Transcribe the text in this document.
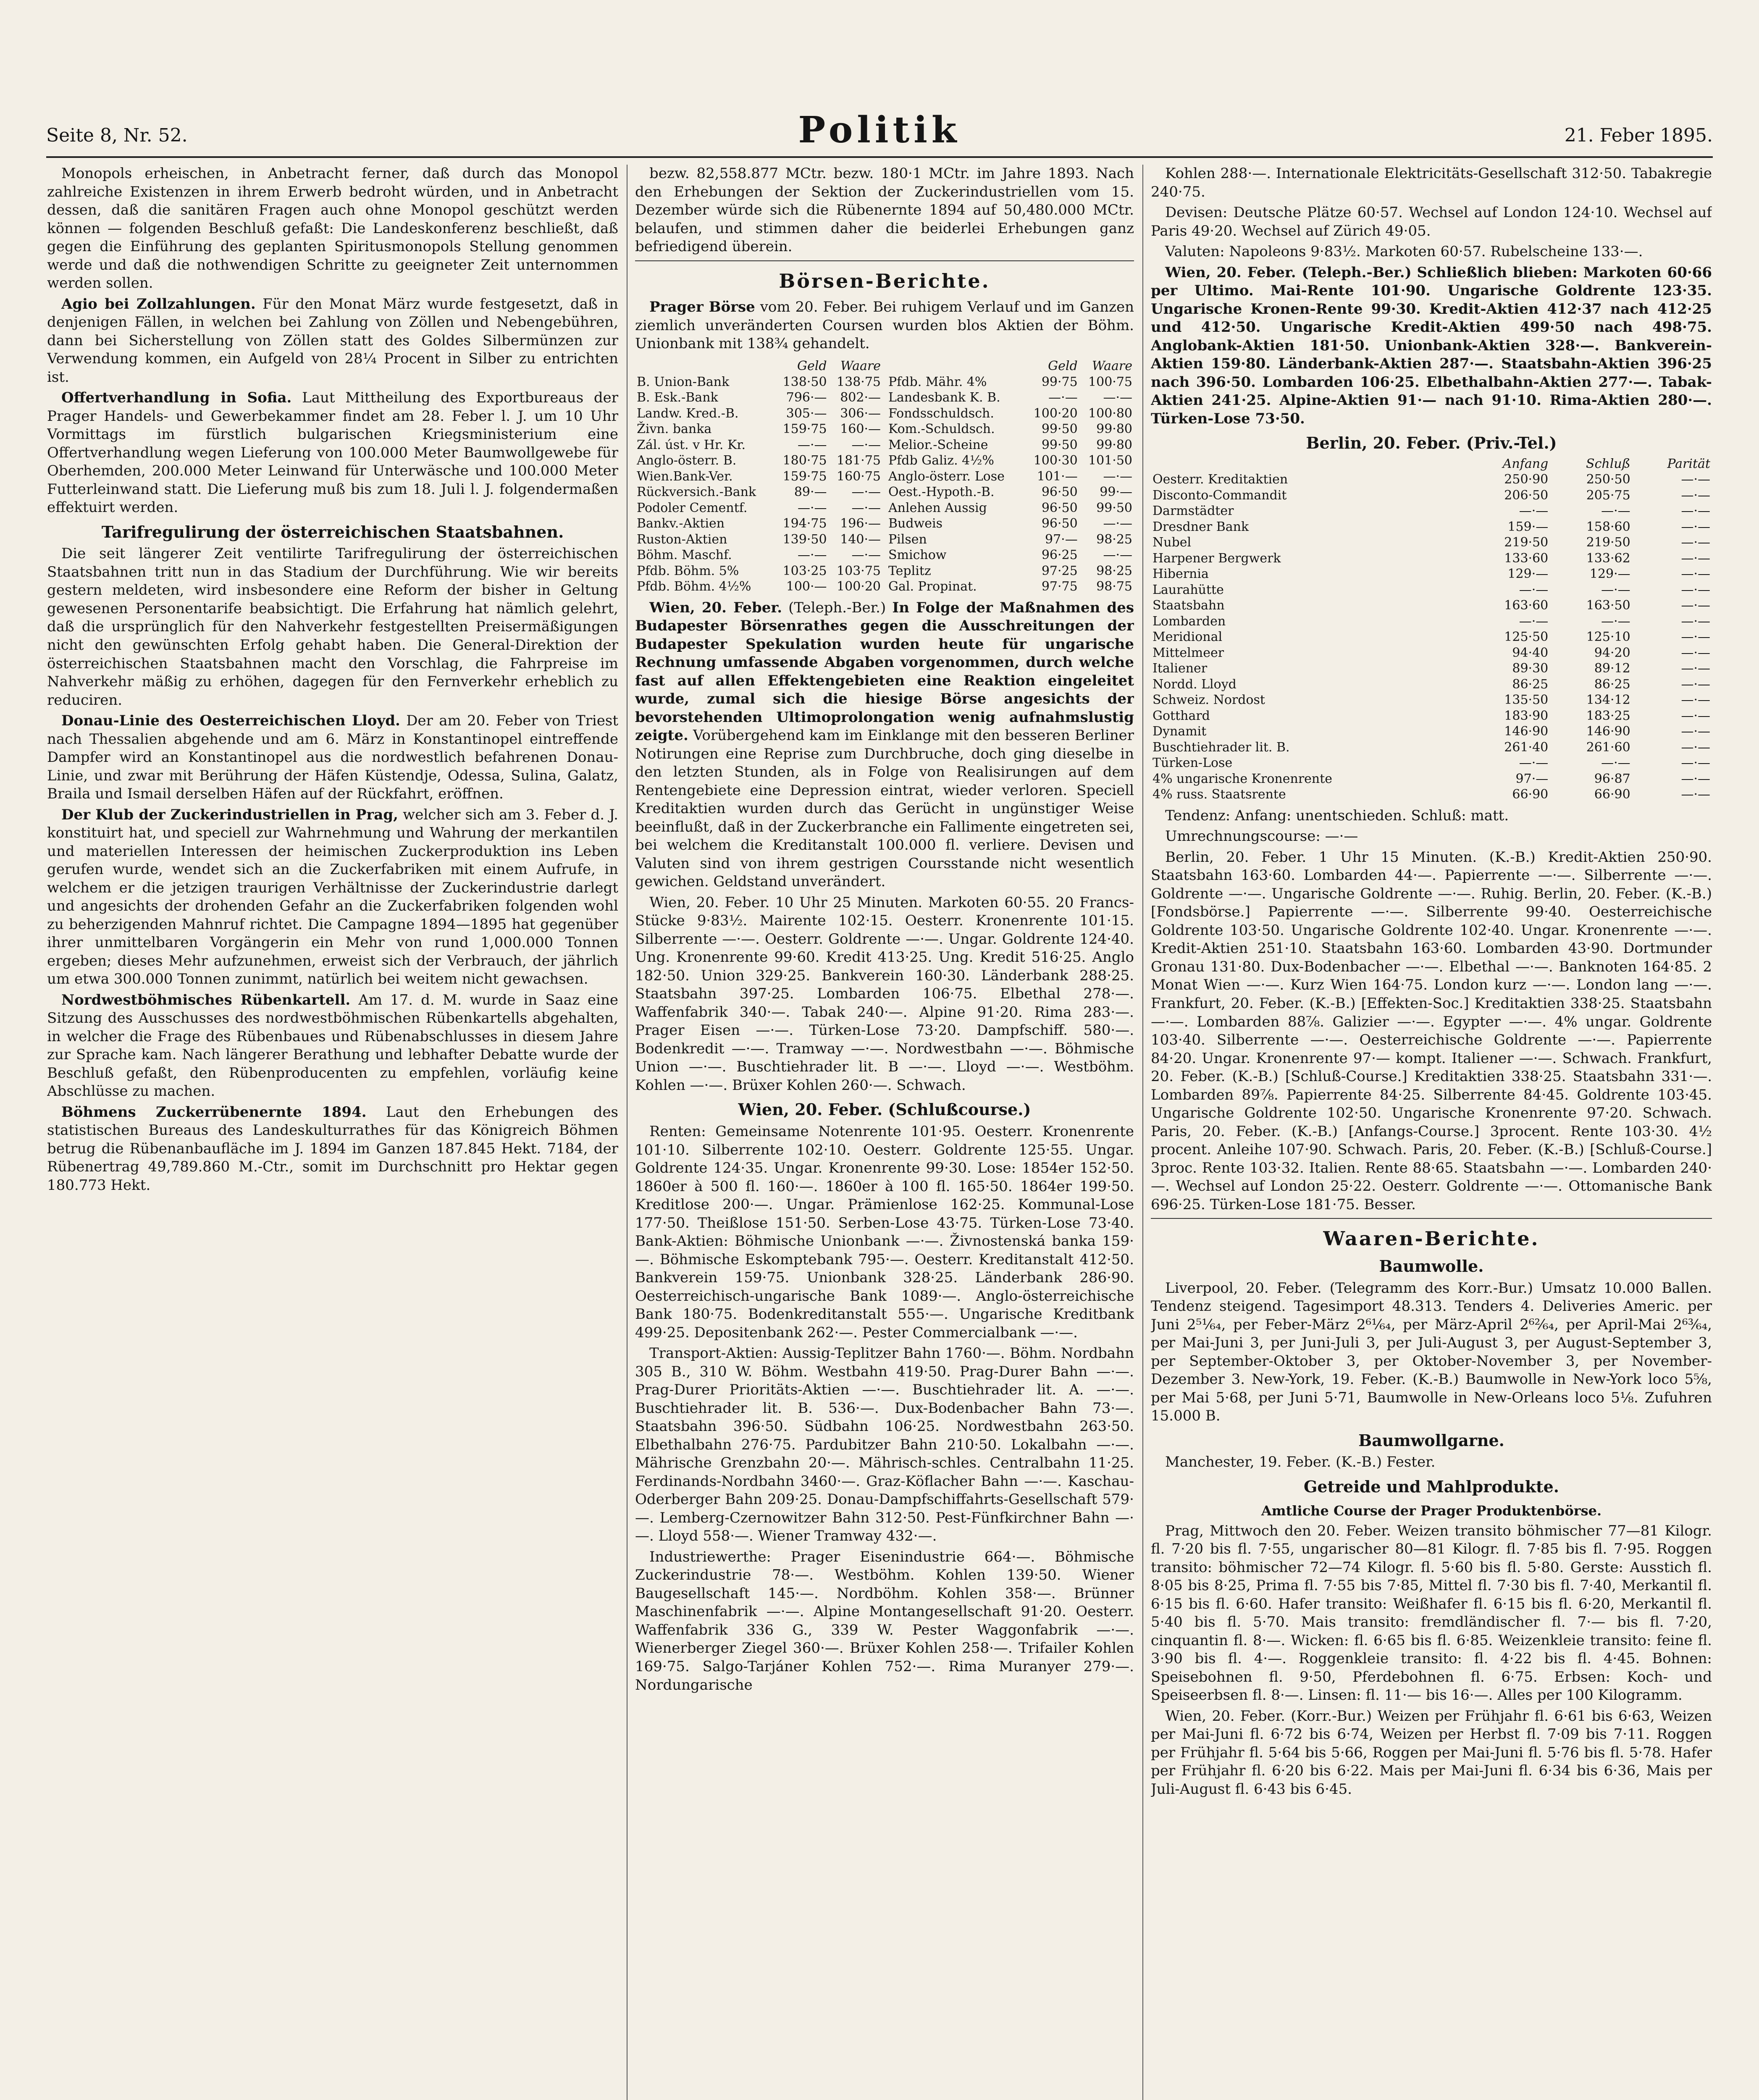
Seite 8, Nr. 52.	Politik	21. Feber 1895.

Monopols erheischen, in Anbetracht ferner, daß durch das Monopol zahlreiche Existenzen in ihrem Erwerb bedroht würden, und in Anbetracht dessen, daß die sanitären Fragen auch ohne Monopol geschützt werden können — folgenden Beschluß gefaßt: Die Landeskonferenz beschließt, daß gegen die Einführung des geplanten Spiritusmonopols Stellung genommen werde und daß die nothwendigen Schritte zu geeigneter Zeit unternommen werden sollen.

Agio bei Zollzahlungen. Für den Monat März wurde festgesetzt, daß in denjenigen Fällen, in welchen bei Zahlung von Zöllen und Nebengebühren, dann bei Sicherstellung von Zöllen statt des Goldes Silbermünzen zur Verwendung kommen, ein Aufgeld von 28¼ Procent in Silber zu entrichten ist.

Offertverhandlung in Sofia. Laut Mittheilung des Exportbureaus der Prager Handels- und Gewerbekammer findet am 28. Feber l. J. um 10 Uhr Vormittags im fürstlich bulgarischen Kriegsministerium eine Offertverhandlung wegen Lieferung von 100.000 Meter Baumwollgewebe für Oberhemden, 200.000 Meter Leinwand für Unterwäsche und 100.000 Meter Futterleinwand statt. Die Lieferung muß bis zum 18. Juli l. J. folgendermaßen effektuirt werden.

Tarifregulirung der österreichischen Staatsbahnen.

Die seit längerer Zeit ventilirte Tarifregulirung der österreichischen Staatsbahnen tritt nun in das Stadium der Durchführung. Wie wir bereits gestern meldeten, wird insbesondere eine Reform der bisher in Geltung gewesenen Personentarife beabsichtigt. Die Erfahrung hat nämlich gelehrt, daß die ursprünglich für den Nahverkehr festgestellten Preisermäßigungen nicht den gewünschten Erfolg gehabt haben. Die General-Direktion der österreichischen Staatsbahnen macht den Vorschlag, die Fahrpreise im Nahverkehr mäßig zu erhöhen, dagegen für den Fernverkehr erheblich zu reduciren.

Donau-Linie des Oesterreichischen Lloyd. Der am 20. Feber von Triest nach Thessalien abgehende und am 6. März in Konstantinopel eintreffende Dampfer wird an Konstantinopel aus die nordwestlich befahrenen Donau-Linie, und zwar mit Berührung der Häfen Küstendje, Odessa, Sulina, Galatz, Braila und Ismail derselben Häfen auf der Rückfahrt, eröffnen.

Der Klub der Zuckerindustriellen in Prag, welcher sich am 3. Feber d. J. konstituirt hat, und speciell zur Wahrnehmung und Wahrung der merkantilen und materiellen Interessen der heimischen Zuckerproduktion ins Leben gerufen wurde, wendet sich an die Zuckerfabriken mit einem Aufrufe, in welchem er die jetzigen traurigen Verhältnisse der Zuckerindustrie darlegt und angesichts der drohenden Gefahr an die Zuckerfabriken folgenden wohl zu beherzigenden Mahnruf richtet. Die Campagne 1894—1895 hat gegenüber ihrer unmittelbaren Vorgängerin ein Mehr von rund 1,000.000 Tonnen ergeben; dieses Mehr aufzunehmen, erweist sich der Verbrauch, der jährlich um etwa 300.000 Tonnen zunimmt, natürlich bei weitem nicht gewachsen.

Nordwestböhmisches Rübenkartell. Am 17. d. M. wurde in Saaz eine Sitzung des Ausschusses des nordwestböhmischen Rübenkartells abgehalten, in welcher die Frage des Rübenbaues und Rübenabschlusses in diesem Jahre zur Sprache kam. Nach längerer Berathung und lebhafter Debatte wurde der Beschluß gefaßt, den Rübenproducenten zu empfehlen, vorläufig keine Abschlüsse zu machen.

Böhmens Zuckerrübenernte 1894. Laut den Erhebungen des statistischen Bureaus des Landeskulturrathes für das Königreich Böhmen betrug die Rübenanbaufläche im J. 1894 im Ganzen 187.845 Hekt. 7184, der Rübenertrag 49,789.860 M.-Ctr., somit im Durchschnitt pro Hektar gegen 180.773 Hekt.

bezw. 82,558.877 MCtr. bezw. 180·1 MCtr. im Jahre 1893. Nach den Erhebungen der Sektion der Zuckerindustriellen vom 15. Dezember würde sich die Rübenernte 1894 auf 50,480.000 MCtr. belaufen, und stimmen daher die beiderlei Erhebungen ganz befriedigend überein.

Börsen-Berichte.

Prager Börse vom 20. Feber. Bei ruhigem Verlauf und im Ganzen ziemlich unveränderten Coursen wurden blos Aktien der Böhm. Unionbank mit 138¾ gehandelt.

	Geld	Waare
B. Union-Bank	138·50	138·75
B. Esk.-Bank	796·—	802·—
Landw. Kred.-B.	305·—	306·—
Živn. banka	159·75	160·—
Zál. úst. v Hr. Kr.	—·—	—·—
Anglo-österr. B.	180·75	181·75
Wien.Bank-Ver.	159·75	160·75
Rückversich.-Bank	89·—	—·—
Podoler Cementf.	—·—	—·—
Bankv.-Aktien	194·75	196·—
Ruston-Aktien	139·50	140·—
Böhm. Maschf.	—·—	—·—
Pfdb. Böhm. 5%	103·25	103·75
Pfdb. Böhm. 4½%	100·—	100·20
	Geld	Waare
Pfdb. Mähr. 4%	99·75	100·75
Landesbank K. B.	—·—	—·—
Fondsschuldsch.	100·20	100·80
Kom.-Schuldsch.	99·50	99·80
Melior.-Scheine	99·50	99·80
Pfdb Galiz. 4½%	100·30	101·50
Anglo-österr. Lose	101·—	—·—
Oest.-Hypoth.-B.	96·50	99·—
Anlehen Aussig	96·50	99·50
Budweis	96·50	—·—
Pilsen	97·—	98·25
Smichow	96·25	—·—
Teplitz	97·25	98·25
Gal. Propinat.	97·75	98·75

Wien, 20. Feber. (Teleph.-Ber.) In Folge der Maßnahmen des Budapester Börsenrathes gegen die Ausschreitungen der Budapester Spekulation wurden heute für ungarische Rechnung umfassende Abgaben vorgenommen, durch welche fast auf allen Effektengebieten eine Reaktion eingeleitet wurde, zumal sich die hiesige Börse angesichts der bevorstehenden Ultimoprolongation wenig aufnahmslustig zeigte. Vorübergehend kam im Einklange mit den besseren Berliner Notirungen eine Reprise zum Durchbruche, doch ging dieselbe in den letzten Stunden, als in Folge von Realisirungen auf dem Rentengebiete eine Depression eintrat, wieder verloren. Speciell Kreditaktien wurden durch das Gerücht in ungünstiger Weise beeinflußt, daß in der Zuckerbranche ein Fallimente eingetreten sei, bei welchem die Kreditanstalt 100.000 fl. verliere. Devisen und Valuten sind von ihrem gestrigen Coursstande nicht wesentlich gewichen. Geldstand unverändert.

Wien, 20. Feber. 10 Uhr 25 Minuten. Markoten 60·55. 20 Francs-Stücke 9·83½. Mairente 102·15. Oesterr. Kronenrente 101·15. Silberrente —·—. Oesterr. Goldrente —·—. Ungar. Goldrente 124·40. Ung. Kronenrente 99·60. Kredit 413·25. Ung. Kredit 516·25. Anglo 182·50. Union 329·25. Bankverein 160·30. Länderbank 288·25. Staatsbahn 397·25. Lombarden 106·75. Elbethal 278·—. Waffenfabrik 340·—. Tabak 240·—. Alpine 91·20. Rima 283·—. Prager Eisen —·—. Türken-Lose 73·20. Dampfschiff. 580·—. Bodenkredit —·—. Tramway —·—. Nordwestbahn —·—. Böhmische Union —·—. Buschtiehrader lit. B —·—. Lloyd —·—. Westböhm. Kohlen —·—. Brüxer Kohlen 260·—. Schwach.

Wien, 20. Feber. (Schlußcourse.)

Renten: Gemeinsame Notenrente 101·95. Oesterr. Kronenrente 101·10. Silberrente 102·10. Oesterr. Goldrente 125·55. Ungar. Goldrente 124·35. Ungar. Kronenrente 99·30. Lose: 1854er 152·50. 1860er à 500 fl. 160·—. 1860er à 100 fl. 165·50. 1864er 199·50. Kreditlose 200·—. Ungar. Prämienlose 162·25. Kommunal-Lose 177·50. Theißlose 151·50. Serben-Lose 43·75. Türken-Lose 73·40. Bank-Aktien: Böhmische Unionbank —·—. Živnostenská banka 159·—. Böhmische Eskomptebank 795·—. Oesterr. Kreditanstalt 412·50. Bankverein 159·75. Unionbank 328·25. Länderbank 286·90. Oesterreichisch-ungarische Bank 1089·—. Anglo-österreichische Bank 180·75. Bodenkreditanstalt 555·—. Ungarische Kreditbank 499·25. Depositenbank 262·—. Pester Commercialbank —·—.

Transport-Aktien: Aussig-Teplitzer Bahn 1760·—. Böhm. Nordbahn 305 B., 310 W. Böhm. Westbahn 419·50. Prag-Durer Bahn —·—. Prag-Durer Prioritäts-Aktien —·—. Buschtiehrader lit. A. —·—. Buschtiehrader lit. B. 536·—. Dux-Bodenbacher Bahn 73·—. Staatsbahn 396·50. Südbahn 106·25. Nordwestbahn 263·50. Elbethalbahn 276·75. Pardubitzer Bahn 210·50. Lokalbahn —·—. Mährische Grenzbahn 20·—. Mährisch-schles. Centralbahn 11·25. Ferdinands-Nordbahn 3460·—. Graz-Köflacher Bahn —·—. Kaschau-Oderberger Bahn 209·25. Donau-Dampfschiffahrts-Gesellschaft 579·—. Lemberg-Czernowitzer Bahn 312·50. Pest-Fünfkirchner Bahn —·—. Lloyd 558·—. Wiener Tramway 432·—.

Industriewerthe: Prager Eisenindustrie 664·—. Böhmische Zuckerindustrie 78·—. Westböhm. Kohlen 139·50. Wiener Baugesellschaft 145·—. Nordböhm. Kohlen 358·—. Brünner Maschinenfabrik —·—. Alpine Montangesellschaft 91·20. Oesterr. Waffenfabrik 336 G., 339 W. Pester Waggonfabrik —·—. Wienerberger Ziegel 360·—. Brüxer Kohlen 258·—. Trifailer Kohlen 169·75. Salgo-Tarjáner Kohlen 752·—. Rima Muranyer 279·—. Nordungarische

Kohlen 288·—. Internationale Elektricitäts-Gesellschaft 312·50. Tabakregie 240·75.

Devisen: Deutsche Plätze 60·57. Wechsel auf London 124·10. Wechsel auf Paris 49·20. Wechsel auf Zürich 49·05.

Valuten: Napoleons 9·83½. Markoten 60·57. Rubelscheine 133·—.

Wien, 20. Feber. (Teleph.-Ber.) Schließlich blieben: Markoten 60·66 per Ultimo. Mai-Rente 101·90. Ungarische Goldrente 123·35. Ungarische Kronen-Rente 99·30. Kredit-Aktien 412·37 nach 412·25 und 412·50. Ungarische Kredit-Aktien 499·50 nach 498·75. Anglobank-Aktien 181·50. Unionbank-Aktien 328·—. Bankverein-Aktien 159·80. Länderbank-Aktien 287·—. Staatsbahn-Aktien 396·25 nach 396·50. Lombarden 106·25. Elbethalbahn-Aktien 277·—. Tabak-Aktien 241·25. Alpine-Aktien 91·— nach 91·10. Rima-Aktien 280·—. Türken-Lose 73·50.

Berlin, 20. Feber. (Priv.-Tel.)
	Anfang	Schluß	Parität
Oesterr. Kreditaktien	250·90	250·50	—·—
Disconto-Commandit	206·50	205·75	—·—
Darmstädter	—·—	—·—	—·—
Dresdner Bank	159·—	158·60	—·—
Nubel	219·50	219·50	—·—
Harpener Bergwerk	133·60	133·62	—·—
Hibernia	129·—	129·—	—·—
Laurahütte	—·—	—·—	—·—
Staatsbahn	163·60	163·50	—·—
Lombarden	—·—	—·—	—·—
Meridional	125·50	125·10	—·—
Mittelmeer	94·40	94·20	—·—
Italiener	89·30	89·12	—·—
Nordd. Lloyd	86·25	86·25	—·—
Schweiz. Nordost	135·50	134·12	—·—
Gotthard	183·90	183·25	—·—
Dynamit	146·90	146·90	—·—
Buschtiehrader lit. B.	261·40	261·60	—·—
Türken-Lose	—·—	—·—	—·—
4% ungarische Kronenrente	97·—	96·87	—·—
4% russ. Staatsrente	66·90	66·90	—·—

Tendenz: Anfang: unentschieden. Schluß: matt.

Umrechnungscourse: —·—

Berlin, 20. Feber. 1 Uhr 15 Minuten. (K.-B.) Kredit-Aktien 250·90. Staatsbahn 163·60. Lombarden 44·—. Papierrente —·—. Silberrente —·—. Goldrente —·—. Ungarische Goldrente —·—. Ruhig. Berlin, 20. Feber. (K.-B.) [Fondsbörse.] Papierrente —·—. Silberrente 99·40. Oesterreichische Goldrente 103·50. Ungarische Goldrente 102·40. Ungar. Kronenrente —·—. Kredit-Aktien 251·10. Staatsbahn 163·60. Lombarden 43·90. Dortmunder Gronau 131·80. Dux-Bodenbacher —·—. Elbethal —·—. Banknoten 164·85. 2 Monat Wien —·—. Kurz Wien 164·75. London kurz —·—. London lang —·—. Frankfurt, 20. Feber. (K.-B.) [Effekten-Soc.] Kreditaktien 338·25. Staatsbahn —·—. Lombarden 88⅞. Galizier —·—. Egypter —·—. 4% ungar. Goldrente 103·40. Silberrente —·—. Oesterreichische Goldrente —·—. Papierrente 84·20. Ungar. Kronenrente 97·— kompt. Italiener —·—. Schwach. Frankfurt, 20. Feber. (K.-B.) [Schluß-Course.] Kreditaktien 338·25. Staatsbahn 331·—. Lombarden 89⅞. Papierrente 84·25. Silberrente 84·45. Goldrente 103·45. Ungarische Goldrente 102·50. Ungarische Kronenrente 97·20. Schwach. Paris, 20. Feber. (K.-B.) [Anfangs-Course.] 3procent. Rente 103·30. 4½ procent. Anleihe 107·90. Schwach. Paris, 20. Feber. (K.-B.) [Schluß-Course.] 3proc. Rente 103·32. Italien. Rente 88·65. Staatsbahn —·—. Lombarden 240·—. Wechsel auf London 25·22. Oesterr. Goldrente —·—. Ottomanische Bank 696·25. Türken-Lose 181·75. Besser.

Waaren-Berichte.
Baumwolle.

Liverpool, 20. Feber. (Telegramm des Korr.-Bur.) Umsatz 10.000 Ballen. Tendenz steigend. Tagesimport 48.313. Tenders 4. Deliveries Americ. per Juni 2⁵¹⁄₆₄, per Feber-März 2⁶¹⁄₆₄, per März-April 2⁶²⁄₆₄, per April-Mai 2⁶³⁄₆₄, per Mai-Juni 3, per Juni-Juli 3, per Juli-August 3, per August-September 3, per September-Oktober 3, per Oktober-November 3, per November-Dezember 3. New-York, 19. Feber. (K.-B.) Baumwolle in New-York loco 5⅝, per Mai 5·68, per Juni 5·71, Baumwolle in New-Orleans loco 5⅛. Zufuhren 15.000 B.

Baumwollgarne.

Manchester, 19. Feber. (K.-B.) Fester.

Getreide und Mahlprodukte.
Amtliche Course der Prager Produktenbörse.

Prag, Mittwoch den 20. Feber. Weizen transito böhmischer 77—81 Kilogr. fl. 7·20 bis fl. 7·55, ungarischer 80—81 Kilogr. fl. 7·85 bis fl. 7·95. Roggen transito: böhmischer 72—74 Kilogr. fl. 5·60 bis fl. 5·80. Gerste: Ausstich fl. 8·05 bis 8·25, Prima fl. 7·55 bis 7·85, Mittel fl. 7·30 bis fl. 7·40, Merkantil fl. 6·15 bis fl. 6·60. Hafer transito: Weißhafer fl. 6·15 bis fl. 6·20, Merkantil fl. 5·40 bis fl. 5·70. Mais transito: fremdländischer fl. 7·— bis fl. 7·20, cinquantin fl. 8·—. Wicken: fl. 6·65 bis fl. 6·85. Weizenkleie transito: feine fl. 3·90 bis fl. 4·—. Roggenkleie transito: fl. 4·22 bis fl. 4·45. Bohnen: Speisebohnen fl. 9·50, Pferdebohnen fl. 6·75. Erbsen: Koch- und Speiseerbsen fl. 8·—. Linsen: fl. 11·— bis 16·—. Alles per 100 Kilogramm.

Wien, 20. Feber. (Korr.-Bur.) Weizen per Frühjahr fl. 6·61 bis 6·63, Weizen per Mai-Juni fl. 6·72 bis 6·74, Weizen per Herbst fl. 7·09 bis 7·11. Roggen per Frühjahr fl. 5·64 bis 5·66, Roggen per Mai-Juni fl. 5·76 bis fl. 5·78. Hafer per Frühjahr fl. 6·20 bis 6·22. Mais per Mai-Juni fl. 6·34 bis 6·36, Mais per Juli-August fl. 6·43 bis 6·45.
